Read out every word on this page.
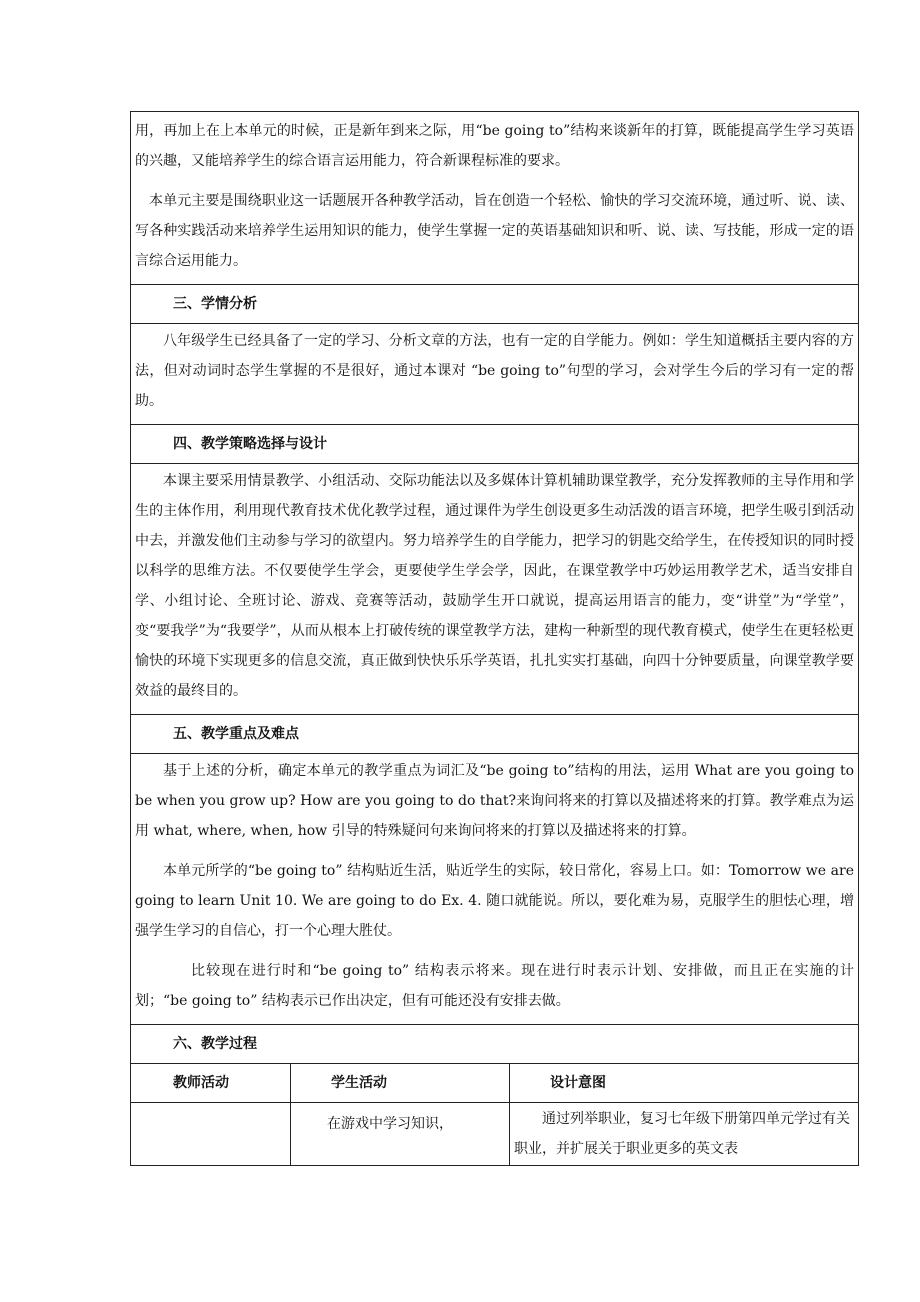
用，再加上在上本单元的时候，正是新年到来之际，用“be going to”结构来谈新年的打算，既能提高学生学习英语的兴趣，又能培养学生的综合语言运用能力，符合新课程标准的要求。

本单元主要是围绕职业这一话题展开各种教学活动，旨在创造一个轻松、愉快的学习交流环境，通过听、说、读、写各种实践活动来培养学生运用知识的能力，使学生掌握一定的英语基础知识和听、说、读、写技能，形成一定的语言综合运用能力。

三、学情分析

八年级学生已经具备了一定的学习、分析文章的方法，也有一定的自学能力。例如：学生知道概括主要内容的方法，但对动词时态学生掌握的不是很好，通过本课对 “be going to”句型的学习，会对学生今后的学习有一定的帮助。

四、教学策略选择与设计

本课主要采用情景教学、小组活动、交际功能法以及多媒体计算机辅助课堂教学，充分发挥教师的主导作用和学生的主体作用，利用现代教育技术优化教学过程，通过课件为学生创设更多生动活泼的语言环境，把学生吸引到活动中去，并激发他们主动参与学习的欲望内。努力培养学生的自学能力，把学习的钥匙交给学生，在传授知识的同时授以科学的思维方法。不仅要使学生学会，更要使学生学会学，因此，在课堂教学中巧妙运用教学艺术，适当安排自学、小组讨论、全班讨论、游戏、竞赛等活动，鼓励学生开口就说，提高运用语言的能力，变“讲堂”为“学堂”，变“要我学”为“我要学”，从而从根本上打破传统的课堂教学方法，建构一种新型的现代教育模式，使学生在更轻松更愉快的环境下实现更多的信息交流，真正做到快快乐乐学英语，扎扎实实打基础，向四十分钟要质量，向课堂教学要效益的最终目的。

五、教学重点及难点

基于上述的分析，确定本单元的教学重点为词汇及“be going to”结构的用法，运用 What are you going to be when you grow up? How are you going to do that?来询问将来的打算以及描述将来的打算。教学难点为运用 what, where, when, how 引导的特殊疑问句来询问将来的打算以及描述将来的打算。

本单元所学的“be going to” 结构贴近生活，贴近学生的实际，较日常化，容易上口。如：Tomorrow we are going to learn Unit 10. We are going to do Ex. 4. 随口就能说。所以，要化难为易，克服学生的胆怯心理，增强学生学习的自信心，打一个心理大胜仗。

比较现在进行时和“be going to” 结构表示将来。现在进行时表示计划、安排做，而且正在实施的计划；“be going to” 结构表示已作出决定，但有可能还没有安排去做。

六、教学过程
教师活动	学生活动	设计意图
	在游戏中学习知识，	通过列举职业，复习七年级下册第四单元学过有关职业，并扩展关于职业更多的英文表
